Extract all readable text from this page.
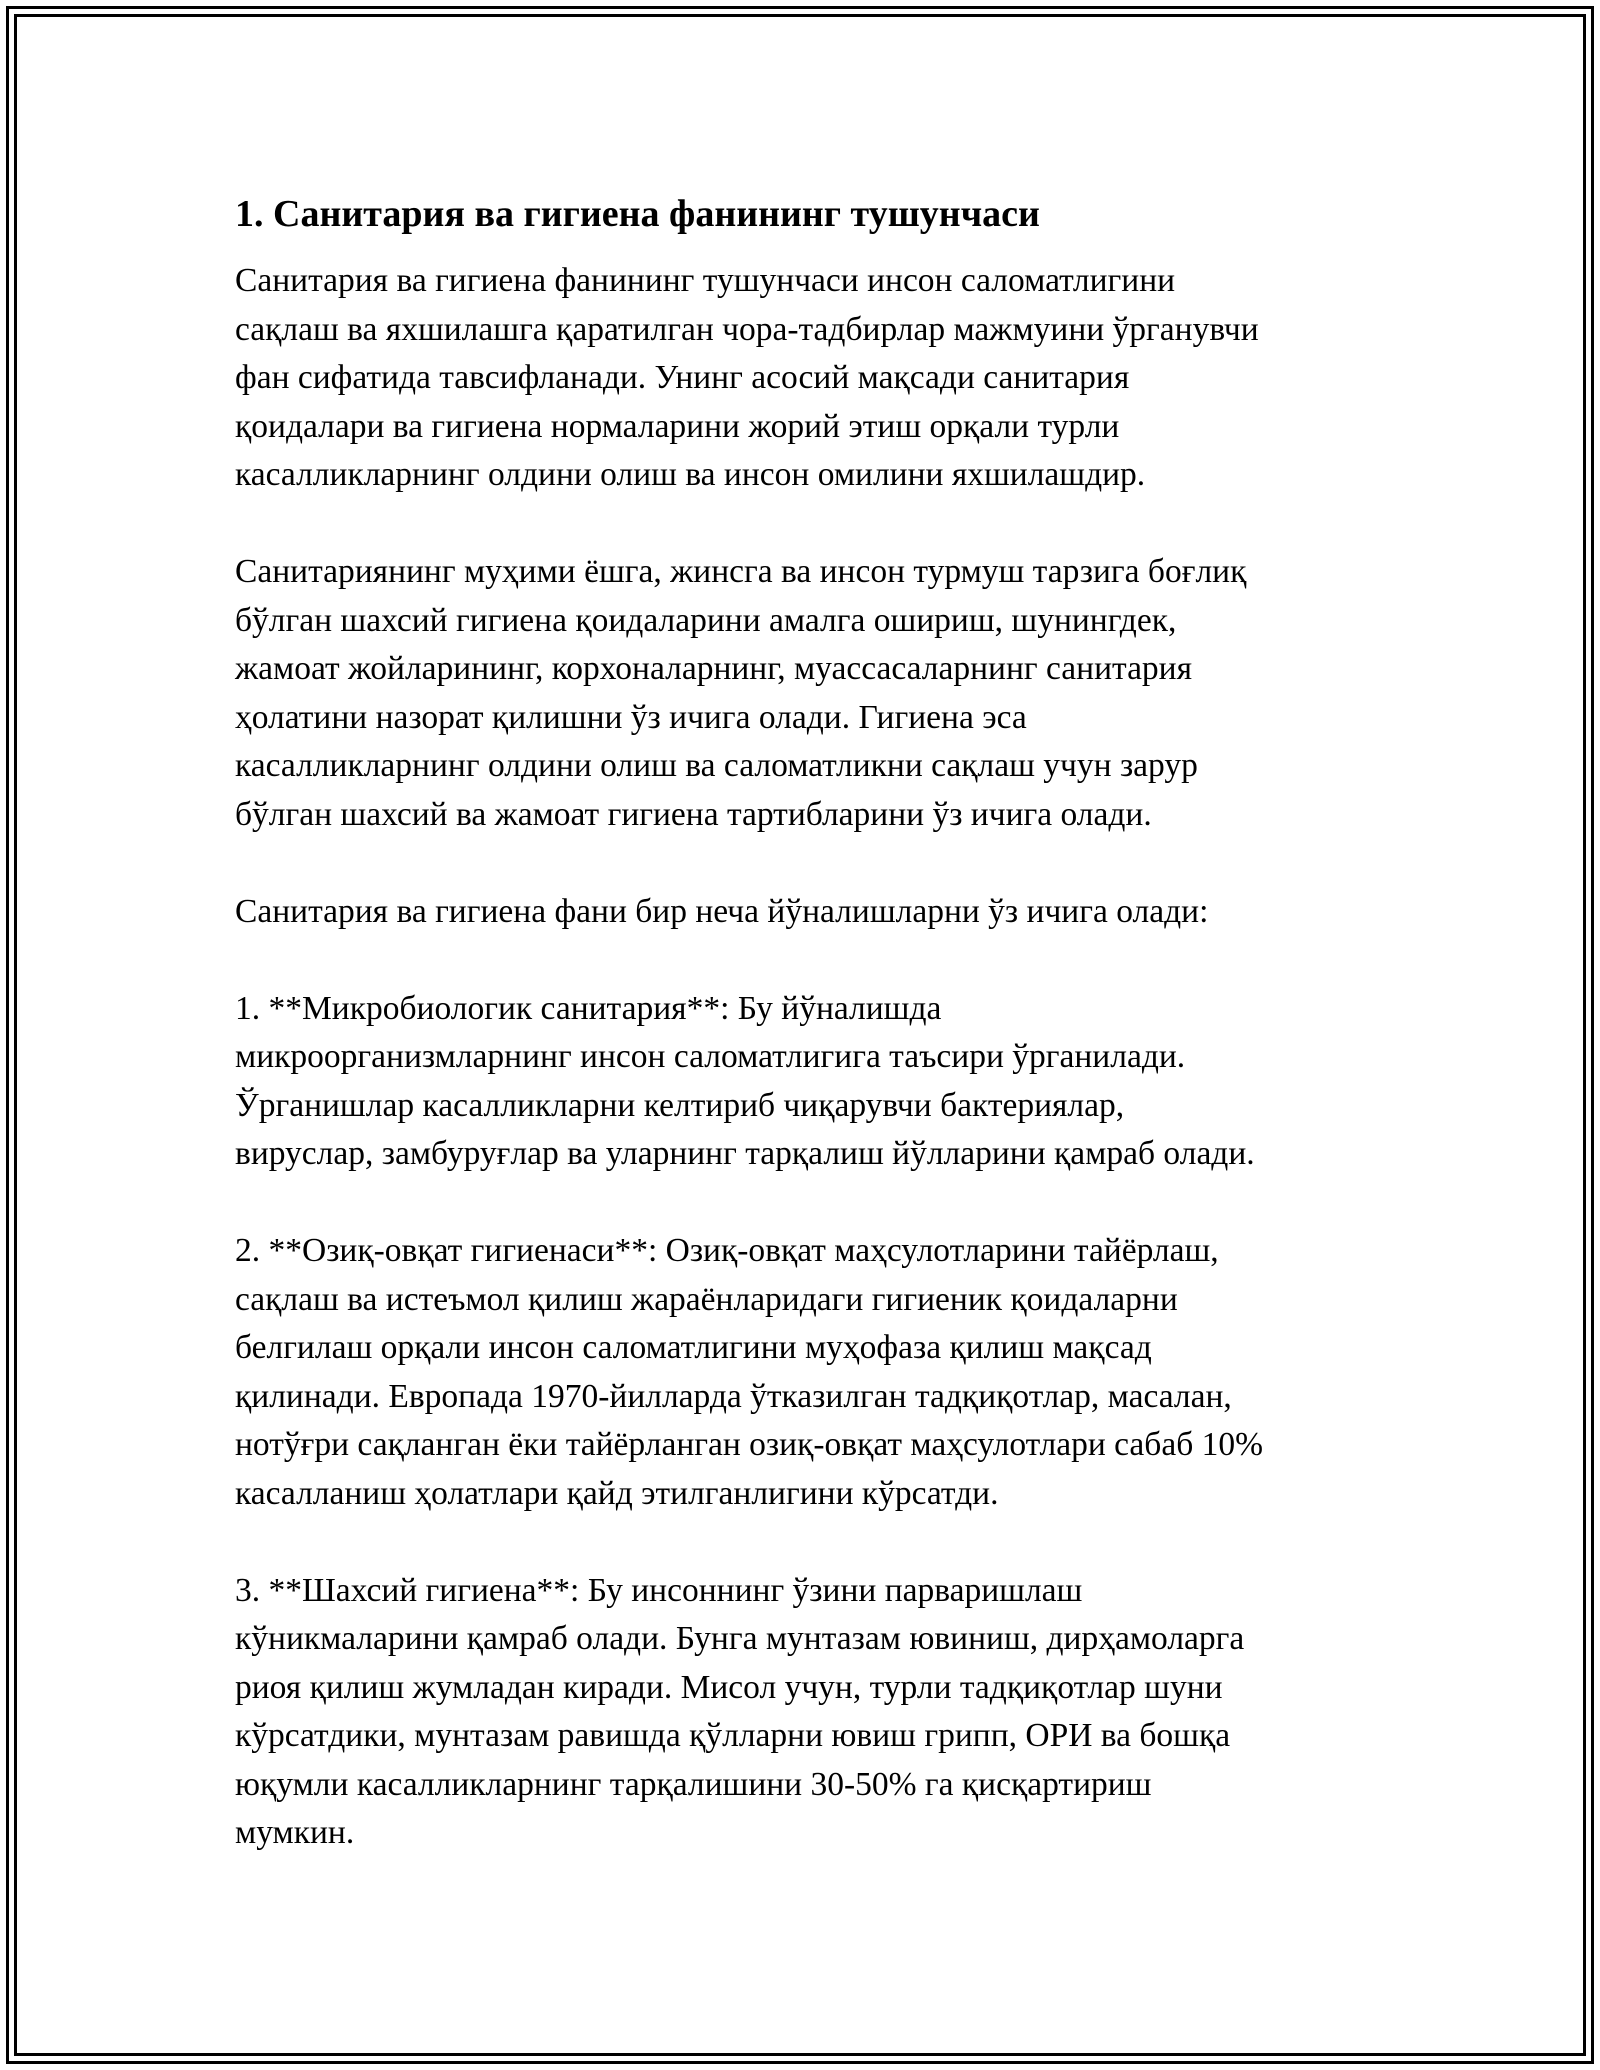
1. Санитария ва гигиена фанининг тушунчаси

Санитария ва гигиена фанининг тушунчаси инсон саломатлигини
сақлаш ва яхшилашга қаратилган чора-тадбирлар мажмуини ўрганувчи
фан сифатида тавсифланади. Унинг асосий мақсади санитария
қоидалари ва гигиена нормаларини жорий этиш орқали турли
касалликларнинг олдини олиш ва инсон омилини яхшилашдир.

Санитариянинг муҳими ёшга, жинсга ва инсон турмуш тарзига боғлиқ
бўлган шахсий гигиена қоидаларини амалга ошириш, шунингдек,
жамоат жойларининг, корхоналарнинг, муассасаларнинг санитария
ҳолатини назорат қилишни ўз ичига олади. Гигиена эса
касалликларнинг олдини олиш ва саломатликни сақлаш учун зарур
бўлган шахсий ва жамоат гигиена тартибларини ўз ичига олади.

Санитария ва гигиена фани бир неча йўналишларни ўз ичига олади:

1. **Микробиологик санитария**: Бу йўналишда
микроорганизмларнинг инсон саломатлигига таъсири ўрганилади.
Ўрганишлар касалликларни келтириб чиқарувчи бактериялар,
вируслар, замбуруғлар ва уларнинг тарқалиш йўлларини қамраб олади.

2. **Озиқ-овқат гигиенаси**: Озиқ-овқат маҳсулотларини тайёрлаш,
сақлаш ва истеъмол қилиш жараёнларидаги гигиеник қоидаларни
белгилаш орқали инсон саломатлигини муҳофаза қилиш мақсад
қилинади. Европада 1970-йилларда ўтказилган тадқиқотлар, масалан,
нотўғри сақланган ёки тайёрланган озиқ-овқат маҳсулотлари сабаб 10%
касалланиш ҳолатлари қайд этилганлигини кўрсатди.

3. **Шахсий гигиена**: Бу инсоннинг ўзини парваришлаш
кўникмаларини қамраб олади. Бунга мунтазам ювиниш, дирҳамоларга
риоя қилиш жумладан киради. Мисол учун, турли тадқиқотлар шуни
кўрсатдики, мунтазам равишда қўлларни ювиш грипп, ОРИ ва бошқа
юқумли касалликларнинг тарқалишини 30-50% га қисқартириш
мумкин.
